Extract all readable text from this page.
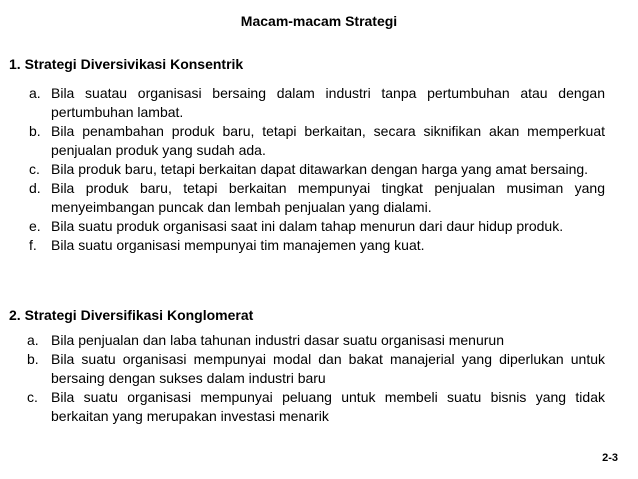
Macam-macam Strategi
1. Strategi Diversivikasi Konsentrik
a. Bila suatau organisasi bersaing dalam industri tanpa pertumbuhan atau dengan pertumbuhan lambat.
b. Bila penambahan produk baru, tetapi berkaitan, secara siknifikan akan memperkuat penjualan produk yang sudah ada.
c. Bila produk baru, tetapi berkaitan dapat ditawarkan dengan harga yang amat bersaing.
d. Bila produk baru, tetapi berkaitan mempunyai tingkat penjualan musiman yang menyeimbangan puncak dan lembah penjualan yang dialami.
e. Bila suatu produk organisasi saat ini dalam tahap menurun dari daur hidup produk.
f. Bila suatu organisasi mempunyai tim manajemen yang kuat.
2. Strategi Diversifikasi Konglomerat
a. Bila penjualan dan laba tahunan industri dasar suatu organisasi menurun
b. Bila suatu organisasi mempunyai modal dan bakat manajerial yang diperlukan untuk bersaing dengan sukses dalam industri baru
c. Bila suatu organisasi mempunyai peluang untuk membeli suatu bisnis yang tidak berkaitan yang merupakan investasi menarik
2-3
